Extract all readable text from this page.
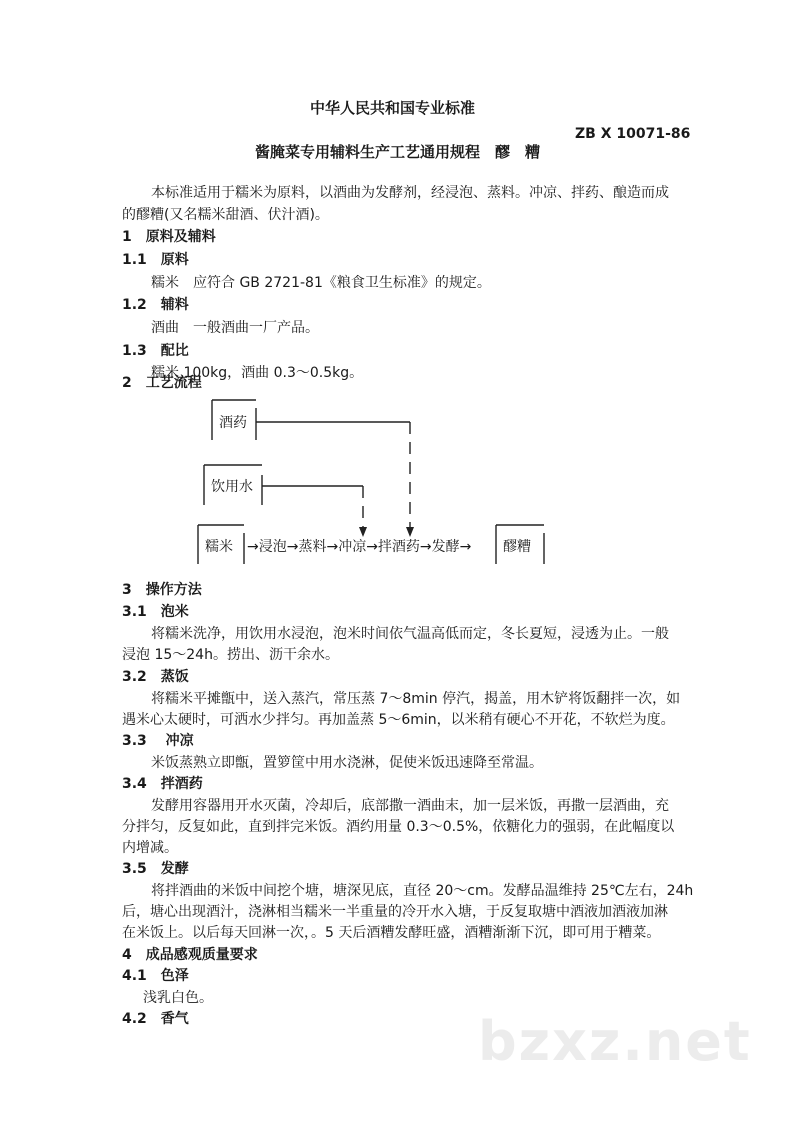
中华人民共和国专业标准
ZB X 10071-86
酱腌菜专用辅料生产工艺通用规程　醪　糟
本标准适用于糯米为原料，以酒曲为发酵剂，经浸泡、蒸料。冲凉、拌药、酿造而成
的醪糟(又名糯米甜酒、伏汁酒)。
1　原料及辅料
1.1　原料
糯米　应符合 GB 2721-81《粮食卫生标准》的规定。
1.2　辅料
酒曲　一般酒曲一厂产品。
1.3　配比
糯米 100kg，酒曲 0.3～0.5kg。
2　工艺流程
酒药
饮用水
糯米	醪糟
→浸泡→蒸料→冲凉→拌酒药→发酵→
3　操作方法
3.1　泡米
将糯米洗净，用饮用水浸泡，泡米时间依气温高低而定，冬长夏短，浸透为止。一般
浸泡 15～24h。捞出、沥干余水。
3.2　蒸饭
将糯米平摊甑中，送入蒸汽，常压蒸 7～8min 停汽，揭盖，用木铲将饭翻拌一次，如
遇米心太硬时，可洒水少拌匀。再加盖蒸 5～6min，以米稍有硬心不开花，不软烂为度。
3.3　 冲凉
米饭蒸熟立即甑，置箩筐中用水浇淋，促使米饭迅速降至常温。
3.4　拌酒药
发酵用容器用开水灭菌，冷却后，底部撒一酒曲末，加一层米饭，再撒一层酒曲，充
分拌匀，反复如此，直到拌完米饭。酒约用量 0.3～0.5%，依糖化力的强弱，在此幅度以
内增减。
3.5　发酵
将拌酒曲的米饭中间挖个塘，塘深见底，直径 20～cm。发酵品温维持 25℃左右，24h
后，塘心出现酒汁，浇淋相当糯米一半重量的冷开水入塘，于反复取塘中酒液加酒液加淋
在米饭上。以后每天回淋一次，。5 天后酒糟发酵旺盛，酒糟渐渐下沉，即可用于糟菜。
4　成品感观质量要求
4.1　色泽
浅乳白色。
4.2　香气	bzxz.net
